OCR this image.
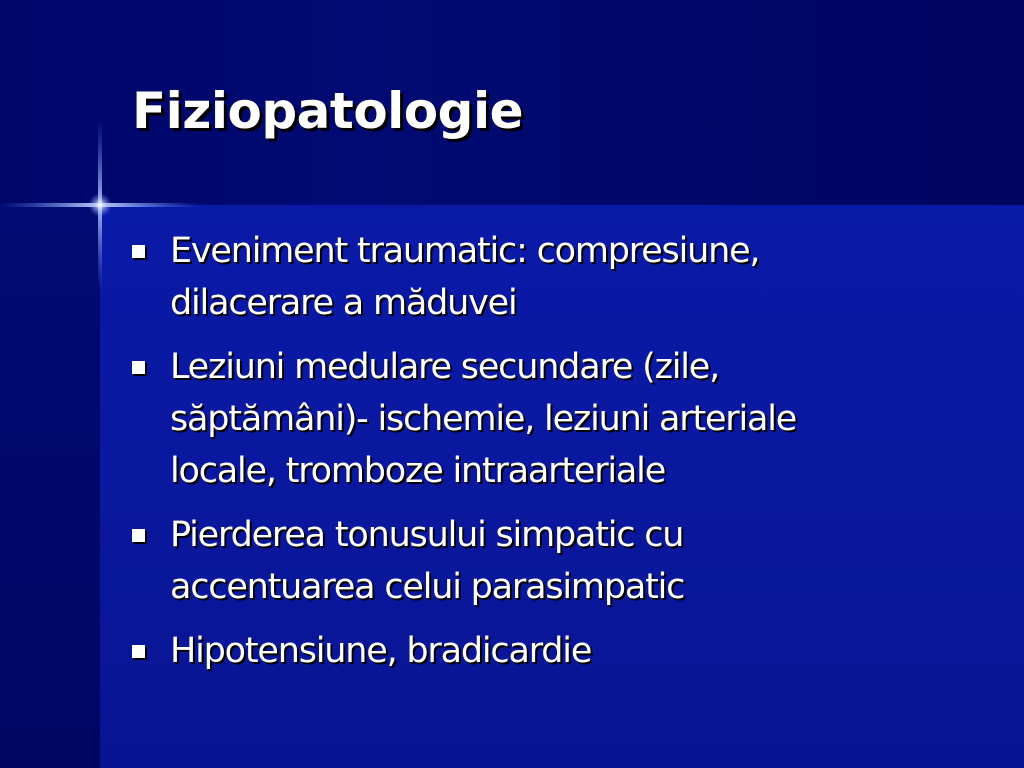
Fiziopatologie
Eveniment traumatic: compresiune,
dilacerare a măduvei
Leziuni medulare secundare (zile,
săptămâni)- ischemie, leziuni arteriale
locale, tromboze intraarteriale
Pierderea tonusului simpatic cu
accentuarea celui parasimpatic
Hipotensiune, bradicardie
